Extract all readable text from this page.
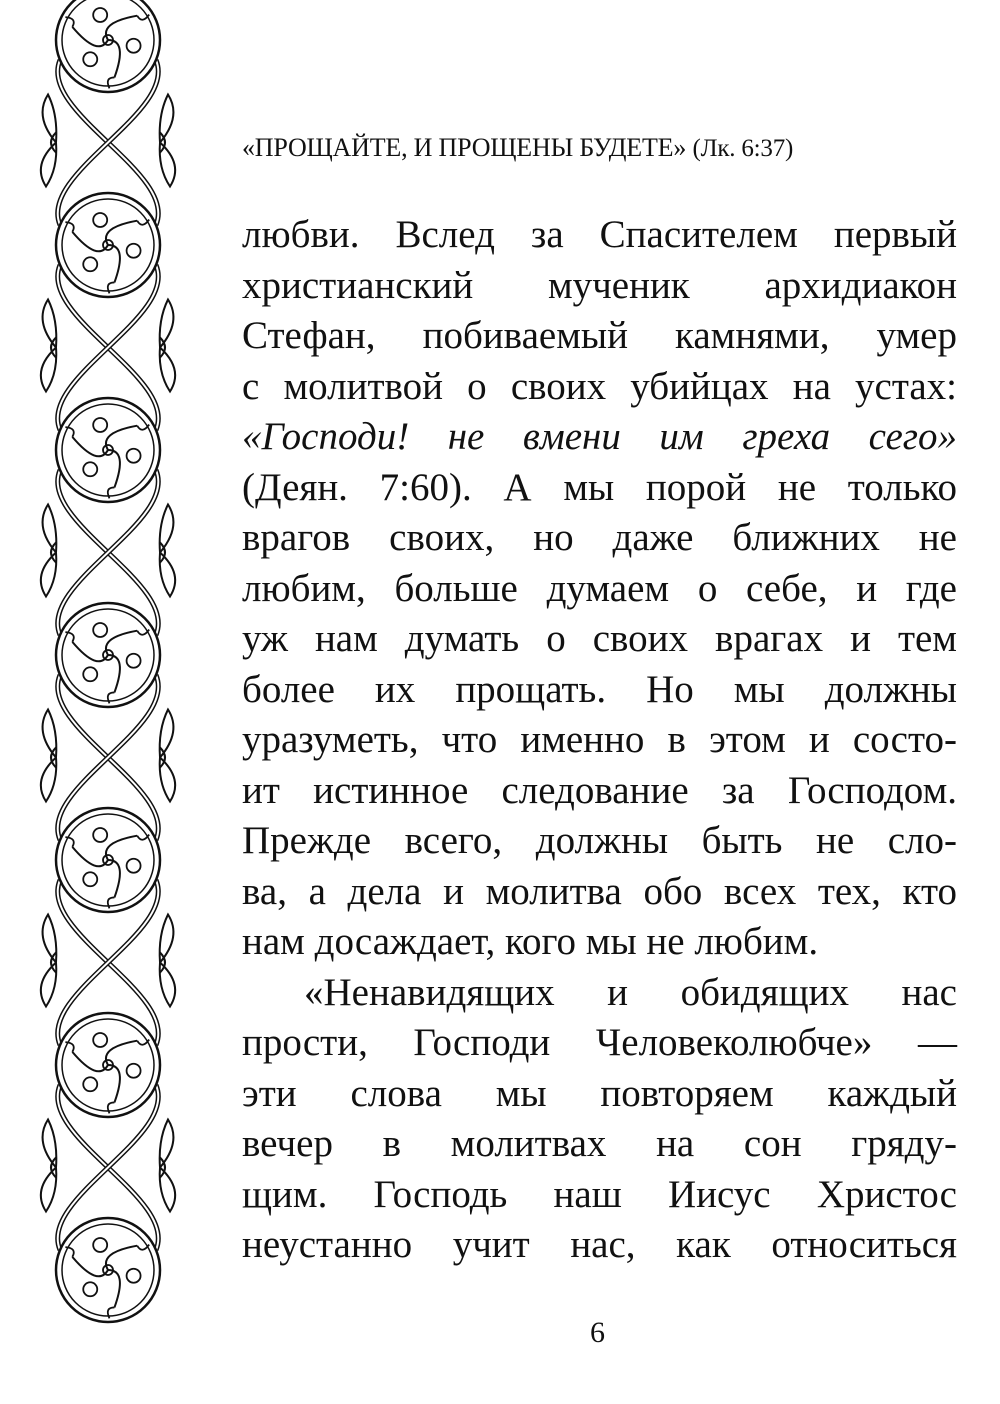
«ПРОЩАЙТЕ, И ПРОЩЕНЫ БУДЕТЕ» (Лк. 6:37)
любви. Вслед за Спасителем первый
христианский мученик архидиакон
Стефан, побиваемый камнями, умер
с молитвой о своих убийцах на устах:
«Господи! не вмени им греха сего»
(Деян. 7:60). А мы порой не только
врагов своих, но даже ближних не
любим, больше думаем о себе, и где
уж нам думать о своих врагах и тем
более их прощать. Но мы должны
уразуметь, что именно в этом и состо-
ит истинное следование за Господом.
Прежде всего, должны быть не сло-
ва, а дела и молитва обо всех тех, кто
нам досаждает, кого мы не любим.
«Ненавидящих и обидящих нас
прости, Господи Человеколюбче» —
эти слова мы повторяем каждый
вечер в молитвах на сон гряду-
щим. Господь наш Иисус Христос
неустанно учит нас, как относиться
6
